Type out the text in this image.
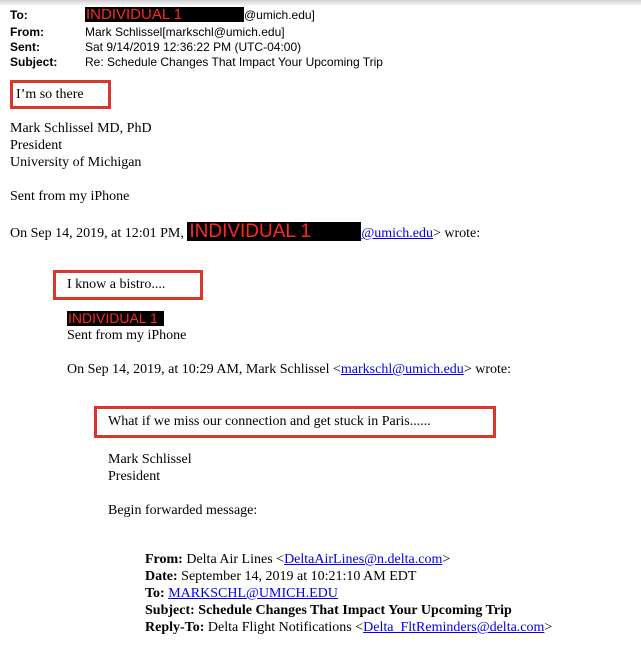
To:	INDIVIDUAL 1	@umich.edu]
From:	Mark Schlissel[markschl@umich.edu]
Sent:	Sat 9/14/2019 12:36:22 PM (UTC-04:00)
Subject: Re: Schedule Changes That Impact Your Upcoming Trip
I’m so there
Mark Schlissel MD, PhD
President
University of Michigan
Sent from my iPhone
On Sep 14, 2019, at 12:01 PM, INDIVIDUAL 1	@umich.edu> wrote:
I know a bistro....
INDIVIDUAL 1
Sent from my iPhone
On Sep 14, 2019, at 10:29 AM, Mark Schlissel <markschl@umich.edu> wrote:
What if we miss our connection and get stuck in Paris......
Mark Schlissel
President
Begin forwarded message:
From: Delta Air Lines <DeltaAirLines@n.delta.com>
Date: September 14, 2019 at 10:21:10 AM EDT
To: MARKSCHL@UMICH.EDU
Subject: Schedule Changes That Impact Your Upcoming Trip
Reply-To: Delta Flight Notifications <Delta_FltReminders@delta.com>
